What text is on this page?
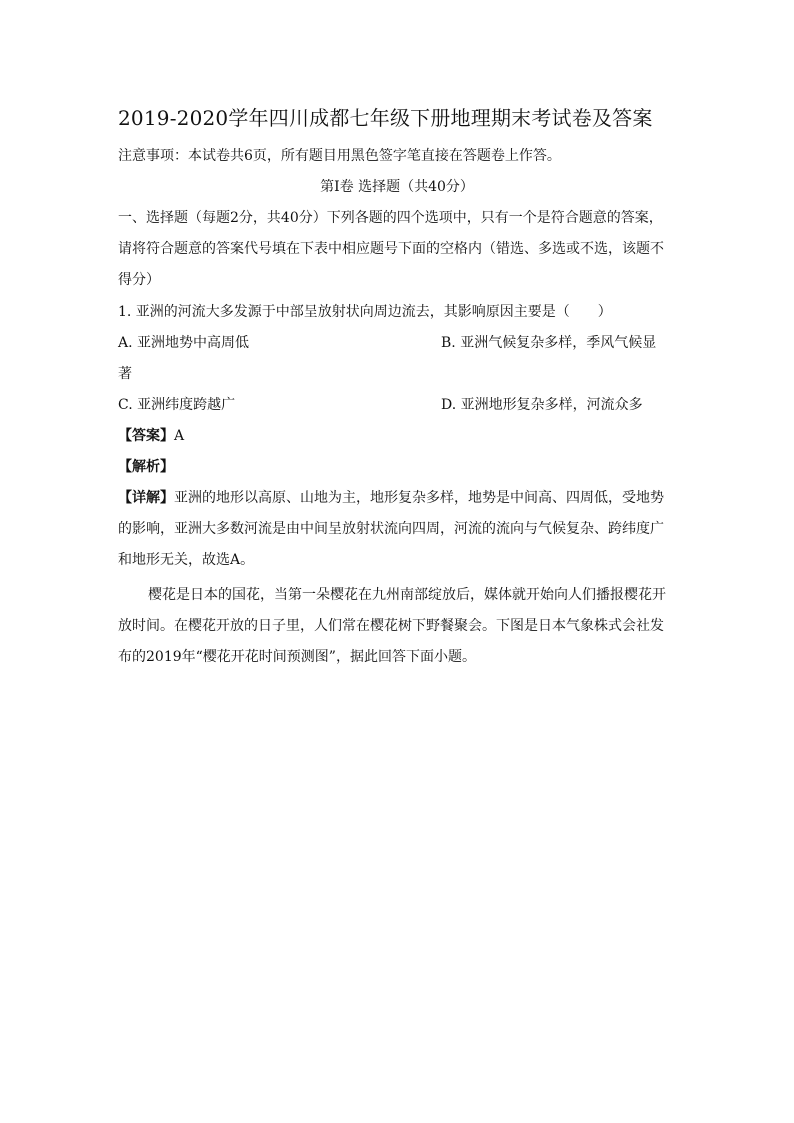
2019-2020学年四川成都七年级下册地理期末考试卷及答案
注意事项：本试卷共6页，所有题目用黑色签字笔直接在答题卷上作答。
第Ⅰ卷 选择题（共40分）
一、选择题（每题2分，共40分）下列各题的四个选项中，只有一个是符合题意的答案，
请将符合题意的答案代号填在下表中相应题号下面的空格内（错选、多选或不选，该题不
得分）
1. 亚洲的河流大多发源于中部呈放射状向周边流去，其影响原因主要是（　　）
A. 亚洲地势中高周低	B. 亚洲气候复杂多样，季风气候显
著
C. 亚洲纬度跨越广	D. 亚洲地形复杂多样，河流众多
【答案】A
【解析】
【详解】亚洲的地形以高原、山地为主，地形复杂多样，地势是中间高、四周低，受地势
的影响，亚洲大多数河流是由中间呈放射状流向四周，河流的流向与气候复杂、跨纬度广
和地形无关，故选A。
樱花是日本的国花，当第一朵樱花在九州南部绽放后，媒体就开始向人们播报樱花开
放时间。在樱花开放的日子里，人们常在樱花树下野餐聚会。下图是日本气象株式会社发
布的2019年“樱花开花时间预测图”，据此回答下面小题。
